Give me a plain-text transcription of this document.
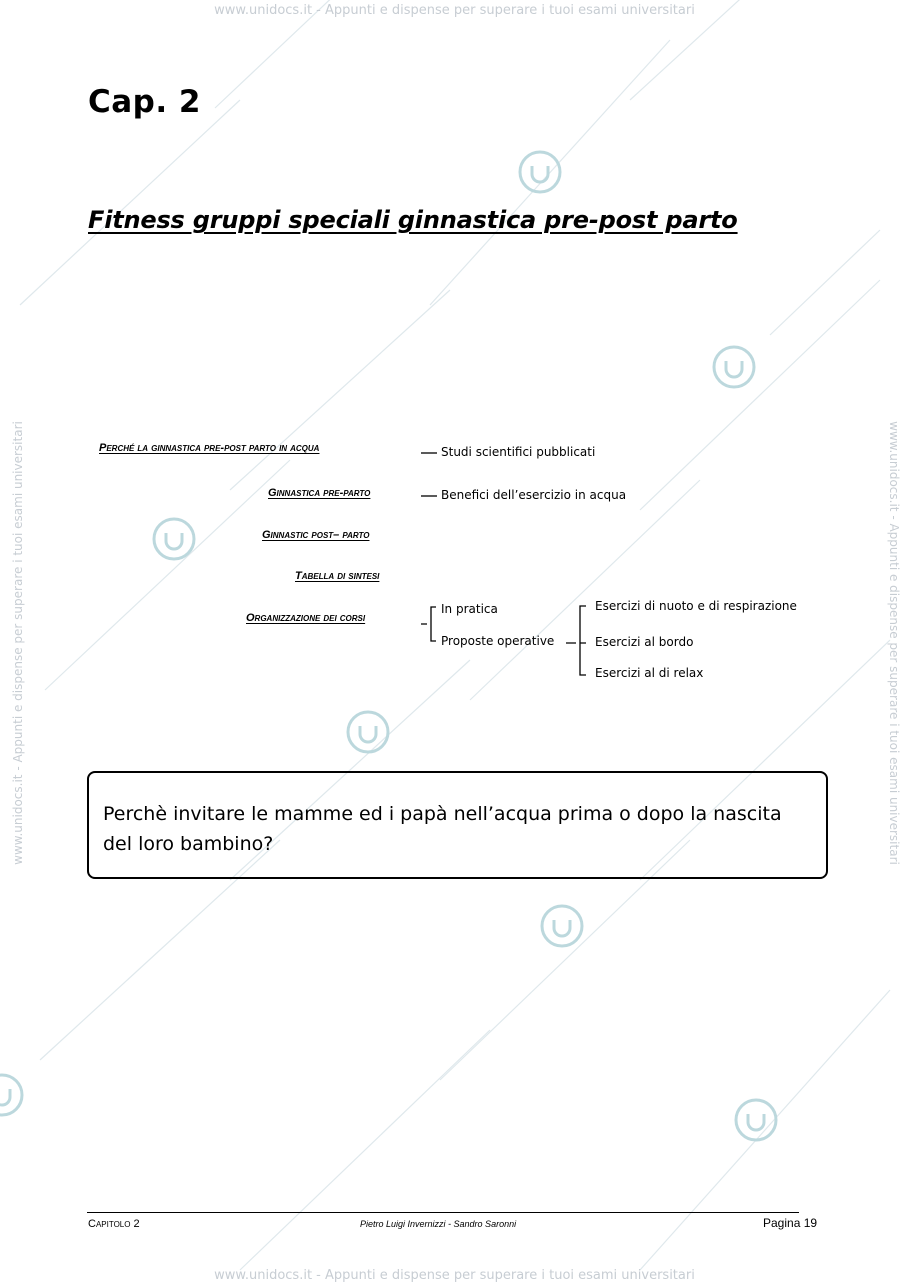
www.unidocs.it - Appunti e dispense per superare i tuoi esami universitari
www.unidocs.it - Appunti e dispense per superare i tuoi esami universitari
www.unidocs.it - Appunti e dispense per superare i tuoi esami universitari	www.unidocs.it - Appunti e dispense per superare i tuoi esami universitari
Cap. 2
Fitness gruppi speciali ginnastica pre-post parto
Perché la ginnastica pre-post parto in acqua
Ginnastica pre-parto
Ginnastic post– parto
Tabella di sintesi
Organizzazione dei corsi
Studi scientifici pubblicati
Benefici dell’esercizio in acqua
In pratica
Proposte operative
Esercizi di nuoto e di respirazione
Esercizi al bordo
Esercizi al di relax
Perchè invitare le mamme ed i papà nell’acqua prima o dopo la nascita del loro bambino?
Capitolo 2	Pietro Luigi Invernizzi - Sandro Saronni	Pagina 19
